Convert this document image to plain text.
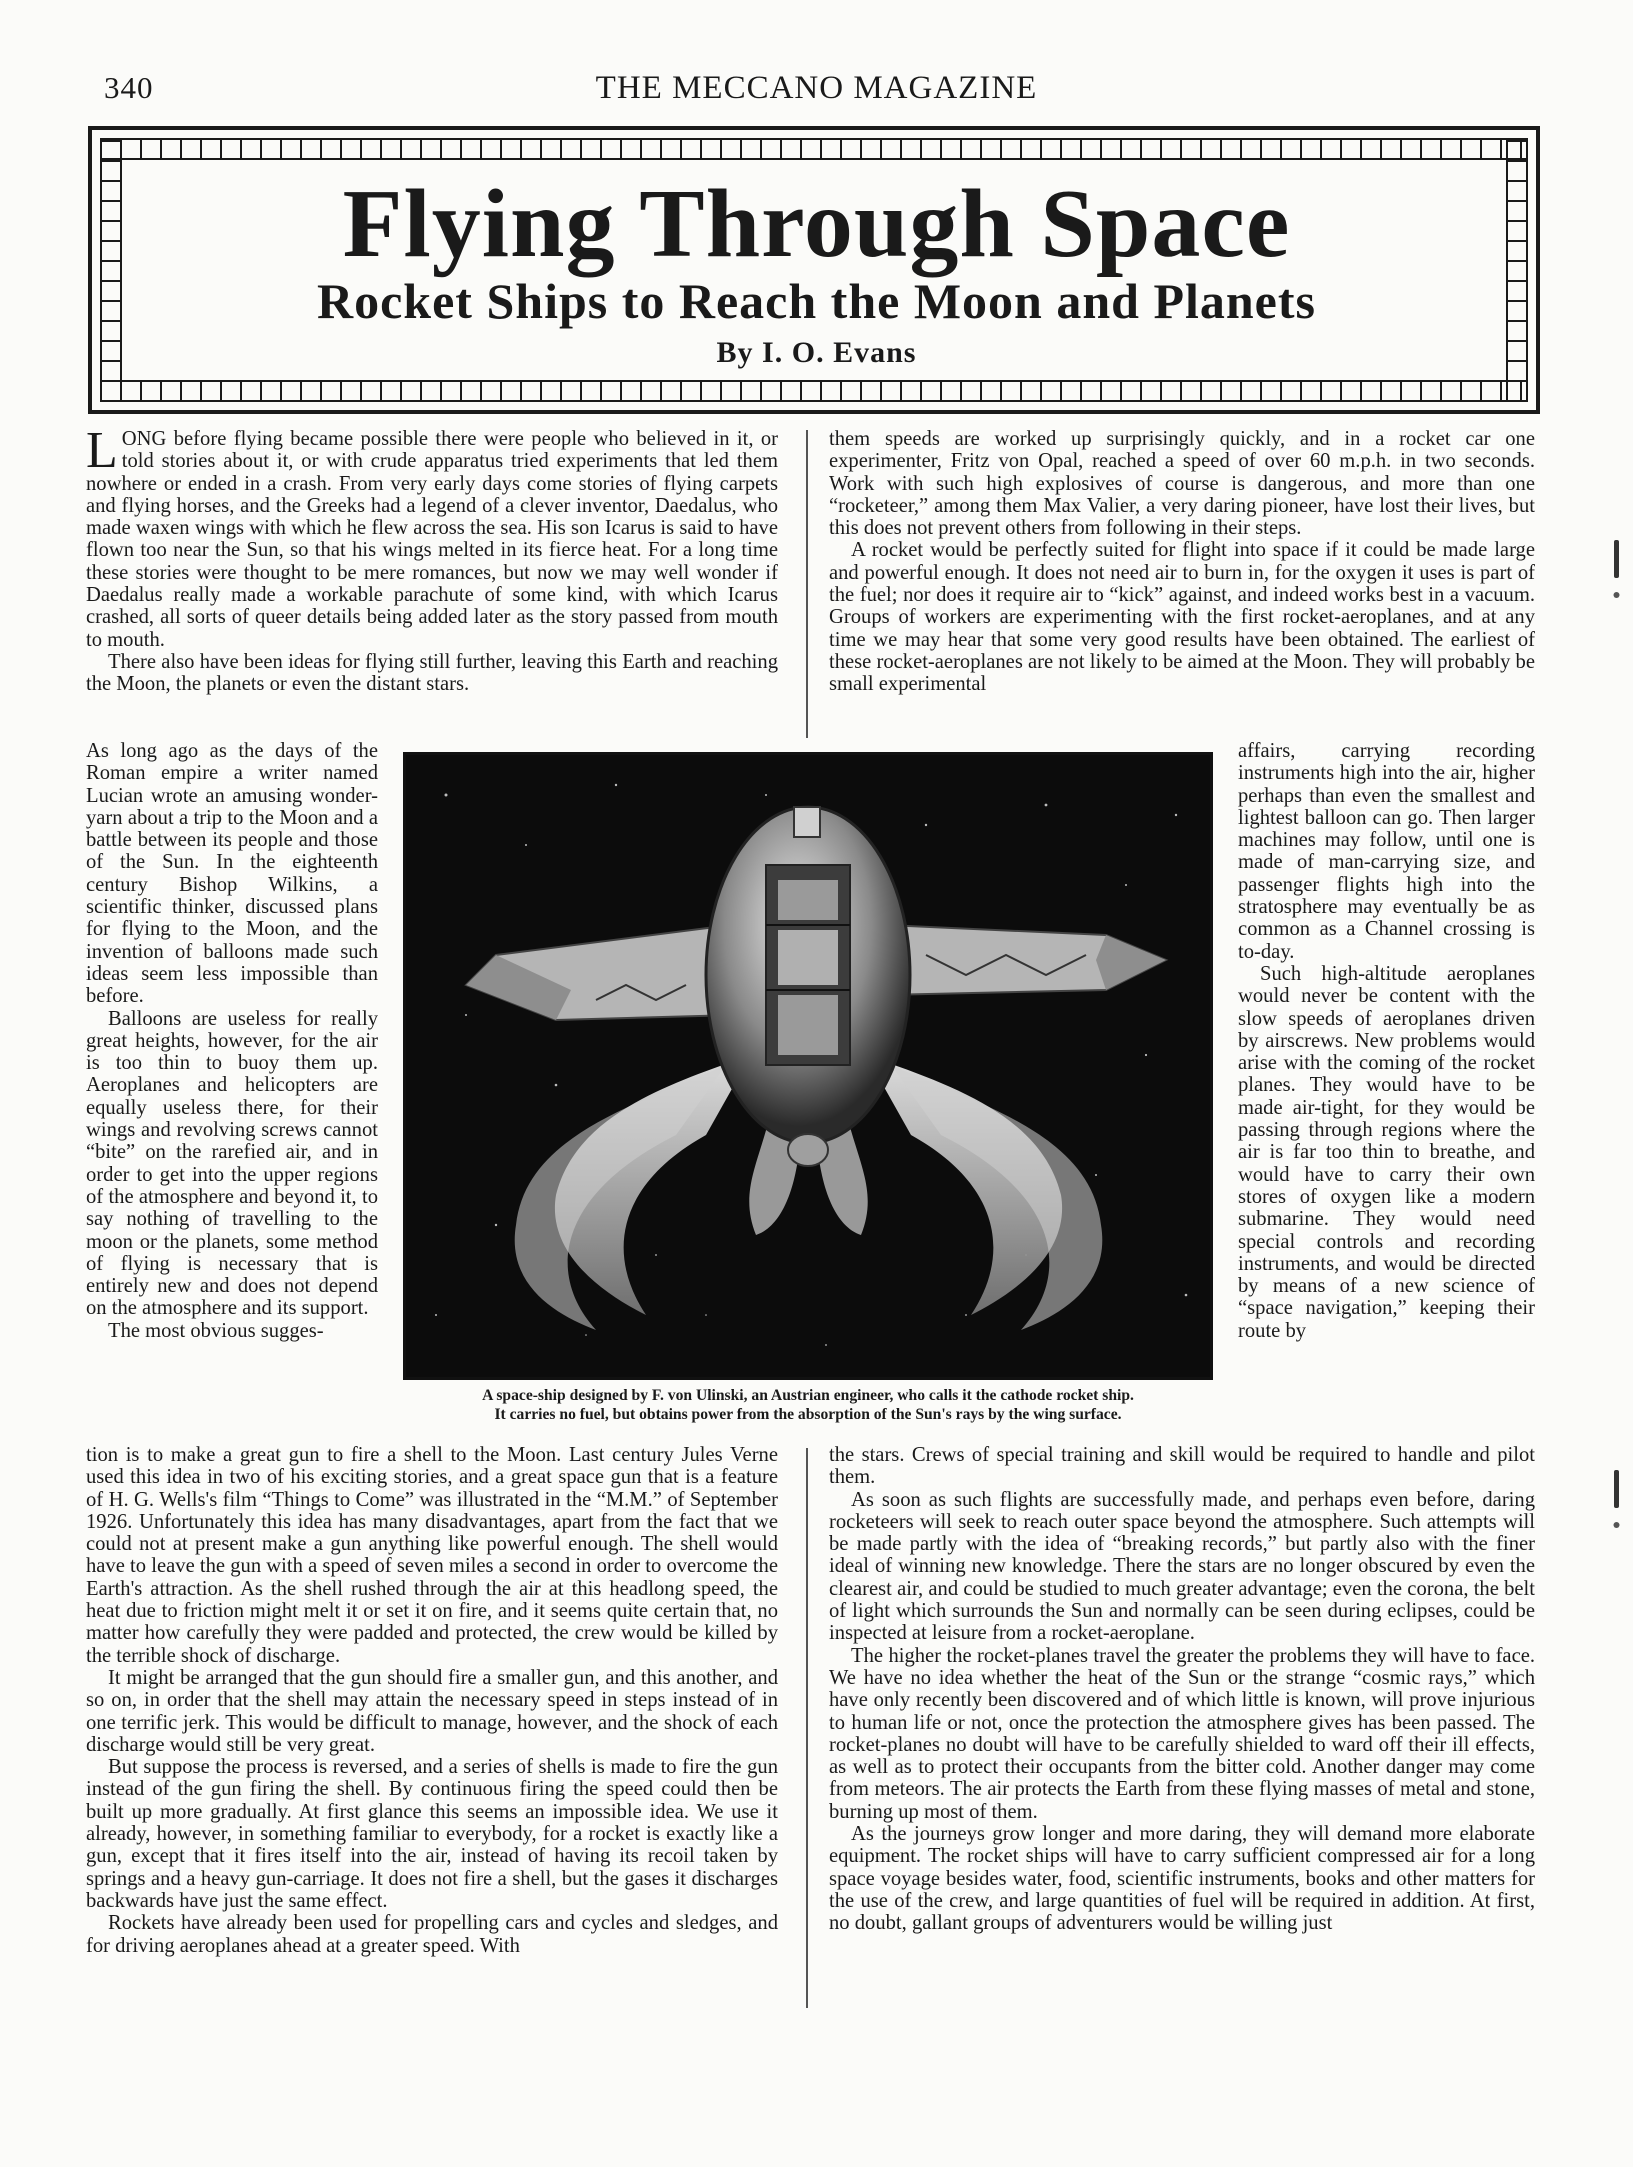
340	THE MECCANO MAGAZINE
Flying Through Space
Rocket Ships to Reach the Moon and Planets
By I. O. Evans

LONG before flying became possible there were people who believed in it, or told stories about it, or with crude apparatus tried experiments that led them nowhere or ended in a crash. From very early days come stories of flying carpets and flying horses, and the Greeks had a legend of a clever inventor, Daedalus, who made waxen wings with which he flew across the sea. His son Icarus is said to have flown too near the Sun, so that his wings melted in its fierce heat. For a long time these stories were thought to be mere romances, but now we may well wonder if Daedalus really made a workable parachute of some kind, with which Icarus crashed, all sorts of queer details being added later as the story passed from mouth to mouth.

There also have been ideas for flying still further, leaving this Earth and reaching the Moon, the planets or even the distant stars.

them speeds are worked up surprisingly quickly, and in a rocket car one experimenter, Fritz von Opal, reached a speed of over 60 m.p.h. in two seconds. Work with such high explosives of course is dangerous, and more than one “rocketeer,” among them Max Valier, a very daring pioneer, have lost their lives, but this does not prevent others from following in their steps.

A rocket would be perfectly suited for flight into space if it could be made large and powerful enough. It does not need air to burn in, for the oxygen it uses is part of the fuel; nor does it require air to “kick” against, and indeed works best in a vacuum. Groups of workers are experimenting with the first rocket-aeroplanes, and at any time we may hear that some very good results have been obtained. The earliest of these rocket-aeroplanes are not likely to be aimed at the Moon. They will probably be small experimental

As long ago as the days of the Roman empire a writer named Lucian wrote an amusing wonder-yarn about a trip to the Moon and a battle between its people and those of the Sun. In the eighteenth century Bishop Wilkins, a scientific thinker, discussed plans for flying to the Moon, and the invention of balloons made such ideas seem less impossible than before.

Balloons are useless for really great heights, however, for the air is too thin to buoy them up. Aeroplanes and helicopters are equally useless there, for their wings and revolving screws cannot “bite” on the rarefied air, and in order to get into the upper regions of the atmosphere and beyond it, to say nothing of travelling to the moon or the planets, some method of flying is necessary that is entirely new and does not depend on the atmosphere and its support.

The most obvious sugges-

affairs, carrying recording instruments high into the air, higher perhaps than even the smallest and lightest balloon can go. Then larger machines may follow, until one is made of man-carrying size, and passenger flights high into the stratosphere may eventually be as common as a Channel crossing is to-day.

Such high-altitude aeroplanes would never be content with the slow speeds of aeroplanes driven by airscrews. New problems would arise with the coming of the rocket planes. They would have to be made air-tight, for they would be passing through regions where the air is far too thin to breathe, and would have to carry their own stores of oxygen like a modern submarine. They would need special controls and recording instruments, and would be directed by means of a new science of “space navigation,” keeping their route by

A space-ship designed by F. von Ulinski, an Austrian engineer, who calls it the cathode rocket ship.
It carries no fuel, but obtains power from the absorption of the Sun's rays by the wing surface.

tion is to make a great gun to fire a shell to the Moon. Last century Jules Verne used this idea in two of his exciting stories, and a great space gun that is a feature of H. G. Wells's film “Things to Come” was illustrated in the “M.M.” of September 1926. Unfortunately this idea has many disadvantages, apart from the fact that we could not at present make a gun anything like powerful enough. The shell would have to leave the gun with a speed of seven miles a second in order to overcome the Earth's attraction. As the shell rushed through the air at this headlong speed, the heat due to friction might melt it or set it on fire, and it seems quite certain that, no matter how carefully they were padded and protected, the crew would be killed by the terrible shock of discharge.

It might be arranged that the gun should fire a smaller gun, and this another, and so on, in order that the shell may attain the necessary speed in steps instead of in one terrific jerk. This would be difficult to manage, however, and the shock of each discharge would still be very great.

But suppose the process is reversed, and a series of shells is made to fire the gun instead of the gun firing the shell. By continuous firing the speed could then be built up more gradually. At first glance this seems an impossible idea. We use it already, however, in something familiar to everybody, for a rocket is exactly like a gun, except that it fires itself into the air, instead of having its recoil taken by springs and a heavy gun-carriage. It does not fire a shell, but the gases it discharges backwards have just the same effect.

Rockets have already been used for propelling cars and cycles and sledges, and for driving aeroplanes ahead at a greater speed. With

the stars. Crews of special training and skill would be required to handle and pilot them.

As soon as such flights are successfully made, and perhaps even before, daring rocketeers will seek to reach outer space beyond the atmosphere. Such attempts will be made partly with the idea of “breaking records,” but partly also with the finer ideal of winning new knowledge. There the stars are no longer obscured by even the clearest air, and could be studied to much greater advantage; even the corona, the belt of light which surrounds the Sun and normally can be seen during eclipses, could be inspected at leisure from a rocket-aeroplane.

The higher the rocket-planes travel the greater the problems they will have to face. We have no idea whether the heat of the Sun or the strange “cosmic rays,” which have only recently been discovered and of which little is known, will prove injurious to human life or not, once the protection the atmosphere gives has been passed. The rocket-planes no doubt will have to be carefully shielded to ward off their ill effects, as well as to protect their occupants from the bitter cold. Another danger may come from meteors. The air protects the Earth from these flying masses of metal and stone, burning up most of them.

As the journeys grow longer and more daring, they will demand more elaborate equipment. The rocket ships will have to carry sufficient compressed air for a long space voyage besides water, food, scientific instruments, books and other matters for the use of the crew, and large quantities of fuel will be required in addition. At first, no doubt, gallant groups of adventurers would be willing just
